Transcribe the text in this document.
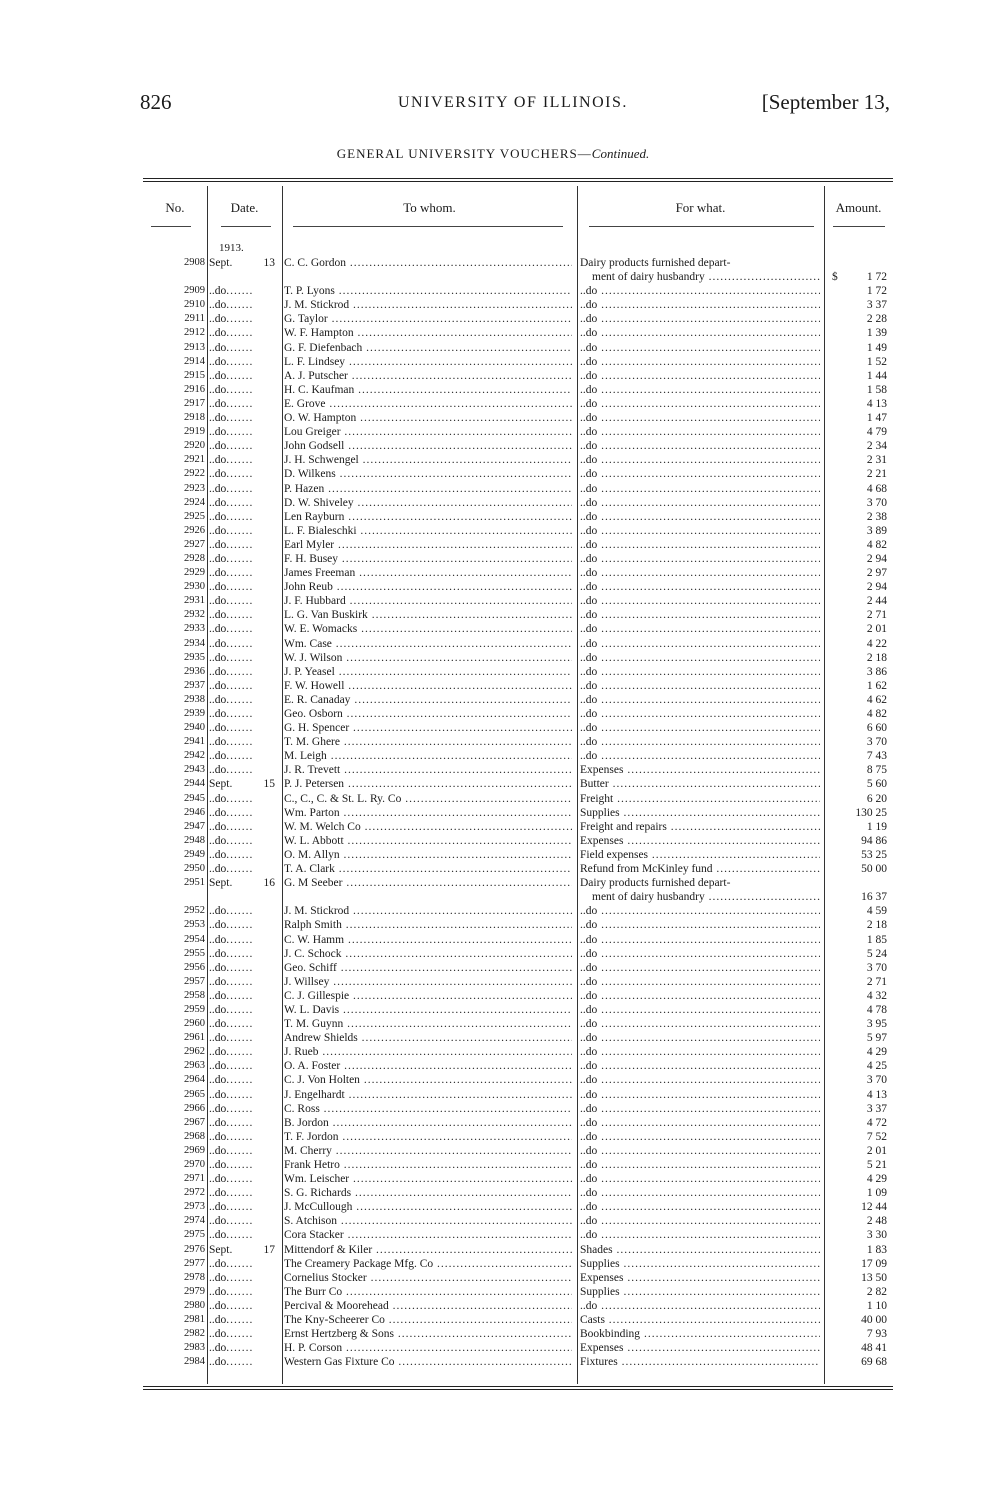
826	UNIVERSITY OF ILLINOIS.	[September 13,
GENERAL UNIVERSITY VOUCHERS—Continued.
No.	Date.	To whom.	For what.	Amount.
1913.
2908 Sept.	13 C. C. Gordon .....	Dairy products furnished depart-
ment of dairy husbandry .....	$	1 72
2909 ..do .....	T. P. Lyons .....	..do .....	1 72
2910 ..do .....	J. M. Stickrod .....	..do .....	3 37
2911 ..do .....	G. Taylor .....	..do .....	2 28
2912 ..do .....	W. F. Hampton .....	..do .....	1 39
2913 ..do .....	G. F. Diefenbach .....	..do .....	1 49
2914 ..do .....	L. F. Lindsey .....	..do .....	1 52
2915 ..do .....	A. J. Putscher .....	..do .....	1 44
2916 ..do .....	H. C. Kaufman .....	..do .....	1 58
2917 ..do .....	E. Grove .....	..do .....	4 13
2918 ..do .....	O. W. Hampton .....	..do .....	1 47
2919 ..do .....	Lou Greiger .....	..do .....	4 79
2920 ..do .....	John Godsell .....	..do .....	2 34
2921 ..do .....	J. H. Schwengel .....	..do .....	2 31
2922 ..do .....	D. Wilkens .....	..do .....	2 21
2923 ..do .....	P. Hazen .....	..do .....	4 68
2924 ..do .....	D. W. Shiveley .....	..do .....	3 70
2925 ..do .....	Len Rayburn .....	..do .....	2 38
2926 ..do .....	L. F. Bialeschki .....	..do .....	3 89
2927 ..do .....	Earl Myler .....	..do .....	4 82
2928 ..do .....	F. H. Busey .....	..do .....	2 94
2929 ..do .....	James Freeman .....	..do .....	2 97
2930 ..do .....	John Reub .....	..do .....	2 94
2931 ..do .....	J. F. Hubbard .....	..do .....	2 44
2932 ..do .....	L. G. Van Buskirk .....	..do .....	2 71
2933 ..do .....	W. E. Womacks .....	..do .....	2 01
2934 ..do .....	Wm. Case .....	..do .....	4 22
2935 ..do .....	W. J. Wilson .....	..do .....	2 18
2936 ..do .....	J. P. Yeasel .....	..do .....	3 86
2937 ..do .....	F. W. Howell .....	..do .....	1 62
2938 ..do .....	E. R. Canaday .....	..do .....	4 62
2939 ..do .....	Geo. Osborn .....	..do .....	4 82
2940 ..do .....	G. H. Spencer .....	..do .....	6 60
2941 ..do .....	T. M. Ghere .....	..do .....	3 70
2942 ..do .....	M. Leigh .....	..do .....	7 43
2943 ..do .....	J. R. Trevett .....	Expenses .....	8 75
2944 Sept.	15 P. J. Petersen .....	Butter .....	5 60
2945 ..do .....	C., C., C. & St. L. Ry. Co .....	Freight .....	6 20
2946 ..do .....	Wm. Parton .....	Supplies .....	130 25
2947 ..do .....	W. M. Welch Co .....	Freight and repairs .....	1 19
2948 ..do .....	W. L. Abbott .....	Expenses .....	94 86
2949 ..do .....	O. M. Allyn .....	Field expenses .....	53 25
2950 ..do .....	T. A. Clark .....	Refund from McKinley fund .....	50 00
2951 Sept.	16 G. M Seeber .....	Dairy products furnished depart-
ment of dairy husbandry .....	16 37
2952 ..do .....	J. M. Stickrod .....	..do .....	4 59
2953 ..do .....	Ralph Smith .....	..do .....	2 18
2954 ..do .....	C. W. Hamm .....	..do .....	1 85
2955 ..do .....	J. C. Schock .....	..do .....	5 24
2956 ..do .....	Geo. Schiff .....	..do .....	3 70
2957 ..do .....	J. Willsey .....	..do .....	2 71
2958 ..do .....	C. J. Gillespie .....	..do .....	4 32
2959 ..do .....	W. L. Davis .....	..do .....	4 78
2960 ..do .....	T. M. Guynn .....	..do .....	3 95
2961 ..do .....	Andrew Shields .....	..do .....	5 97
2962 ..do .....	J. Rueb .....	..do .....	4 29
2963 ..do .....	O. A. Foster .....	..do .....	4 25
2964 ..do .....	C. J. Von Holten .....	..do .....	3 70
2965 ..do .....	J. Engelhardt .....	..do .....	4 13
2966 ..do .....	C. Ross .....	..do .....	3 37
2967 ..do .....	B. Jordon .....	..do .....	4 72
2968 ..do .....	T. F. Jordon .....	..do .....	7 52
2969 ..do .....	M. Cherry .....	..do .....	2 01
2970 ..do .....	Frank Hetro .....	..do .....	5 21
2971 ..do .....	Wm. Leischer .....	..do .....	4 29
2972 ..do .....	S. G. Richards .....	..do .....	1 09
2973 ..do .....	J. McCullough .....	..do .....	12 44
2974 ..do .....	S. Atchison .....	..do .....	2 48
2975 ..do .....	Cora Stacker .....	..do .....	3 30
2976 Sept.	17 Mittendorf & Kiler .....	Shades .....	1 83
2977 ..do .....	The Creamery Package Mfg. Co .....	Supplies .....	17 09
2978 ..do .....	Cornelius Stocker .....	Expenses .....	13 50
2979 ..do .....	The Burr Co .....	Supplies .....	2 82
2980 ..do .....	Percival & Moorehead .....	..do .....	1 10
2981 ..do .....	The Kny-Scheerer Co .....	Casts .....	40 00
2982 ..do .....	Ernst Hertzberg & Sons .....	Bookbinding .....	7 93
2983 ..do .....	H. P. Corson .....	Expenses .....	48 41
2984 ..do .....	Western Gas Fixture Co .....	Fixtures .....	69 68
